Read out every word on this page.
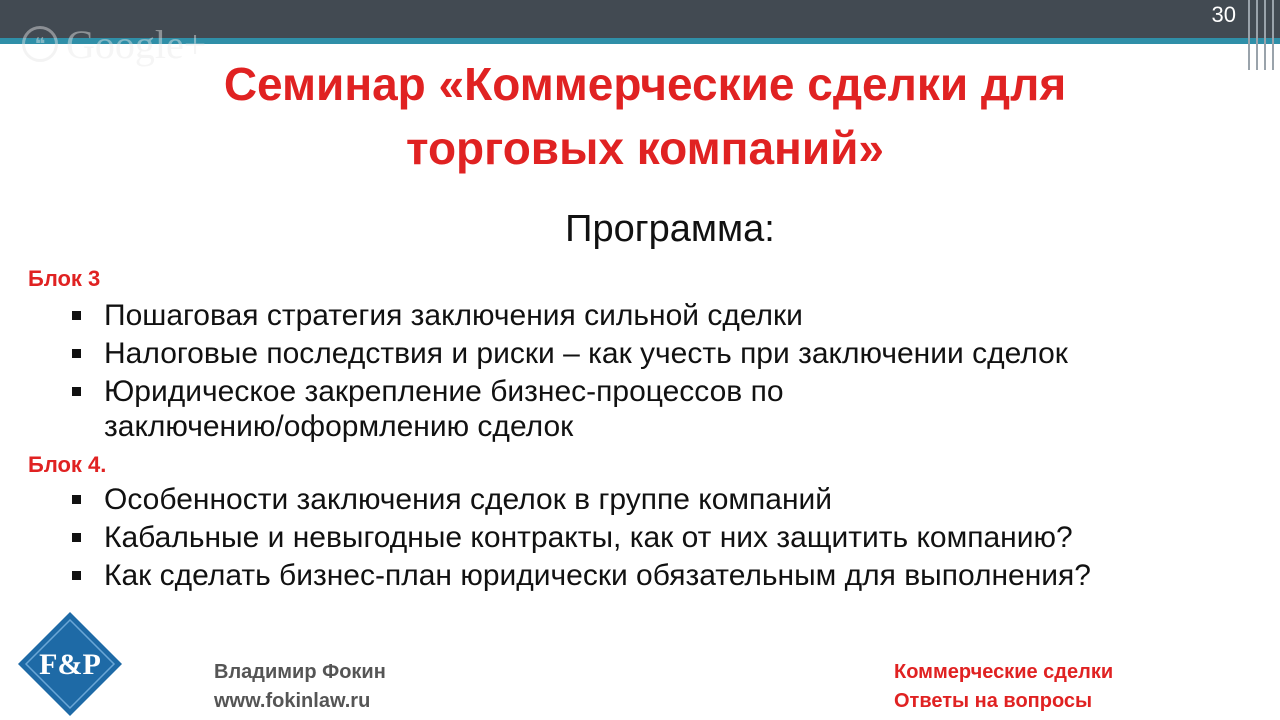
❝ Google+
30
Семинар «Коммерческие сделки для
торговых компаний»
Программа:
Блок 3
Пошаговая стратегия заключения сильной сделки
Налоговые последствия и риски – как учесть при заключении сделок
Юридическое закрепление бизнес-процессов по заключению/оформлению сделок
Блок 4.
Особенности заключения сделок в группе компаний
Кабальные и невыгодные контракты, как от них защитить компанию?
Как сделать бизнес-план юридически обязательным для выполнения?
F&P	Владимир Фокин
www.fokinlaw.ru
Коммерческие сделки
Ответы на вопросы
